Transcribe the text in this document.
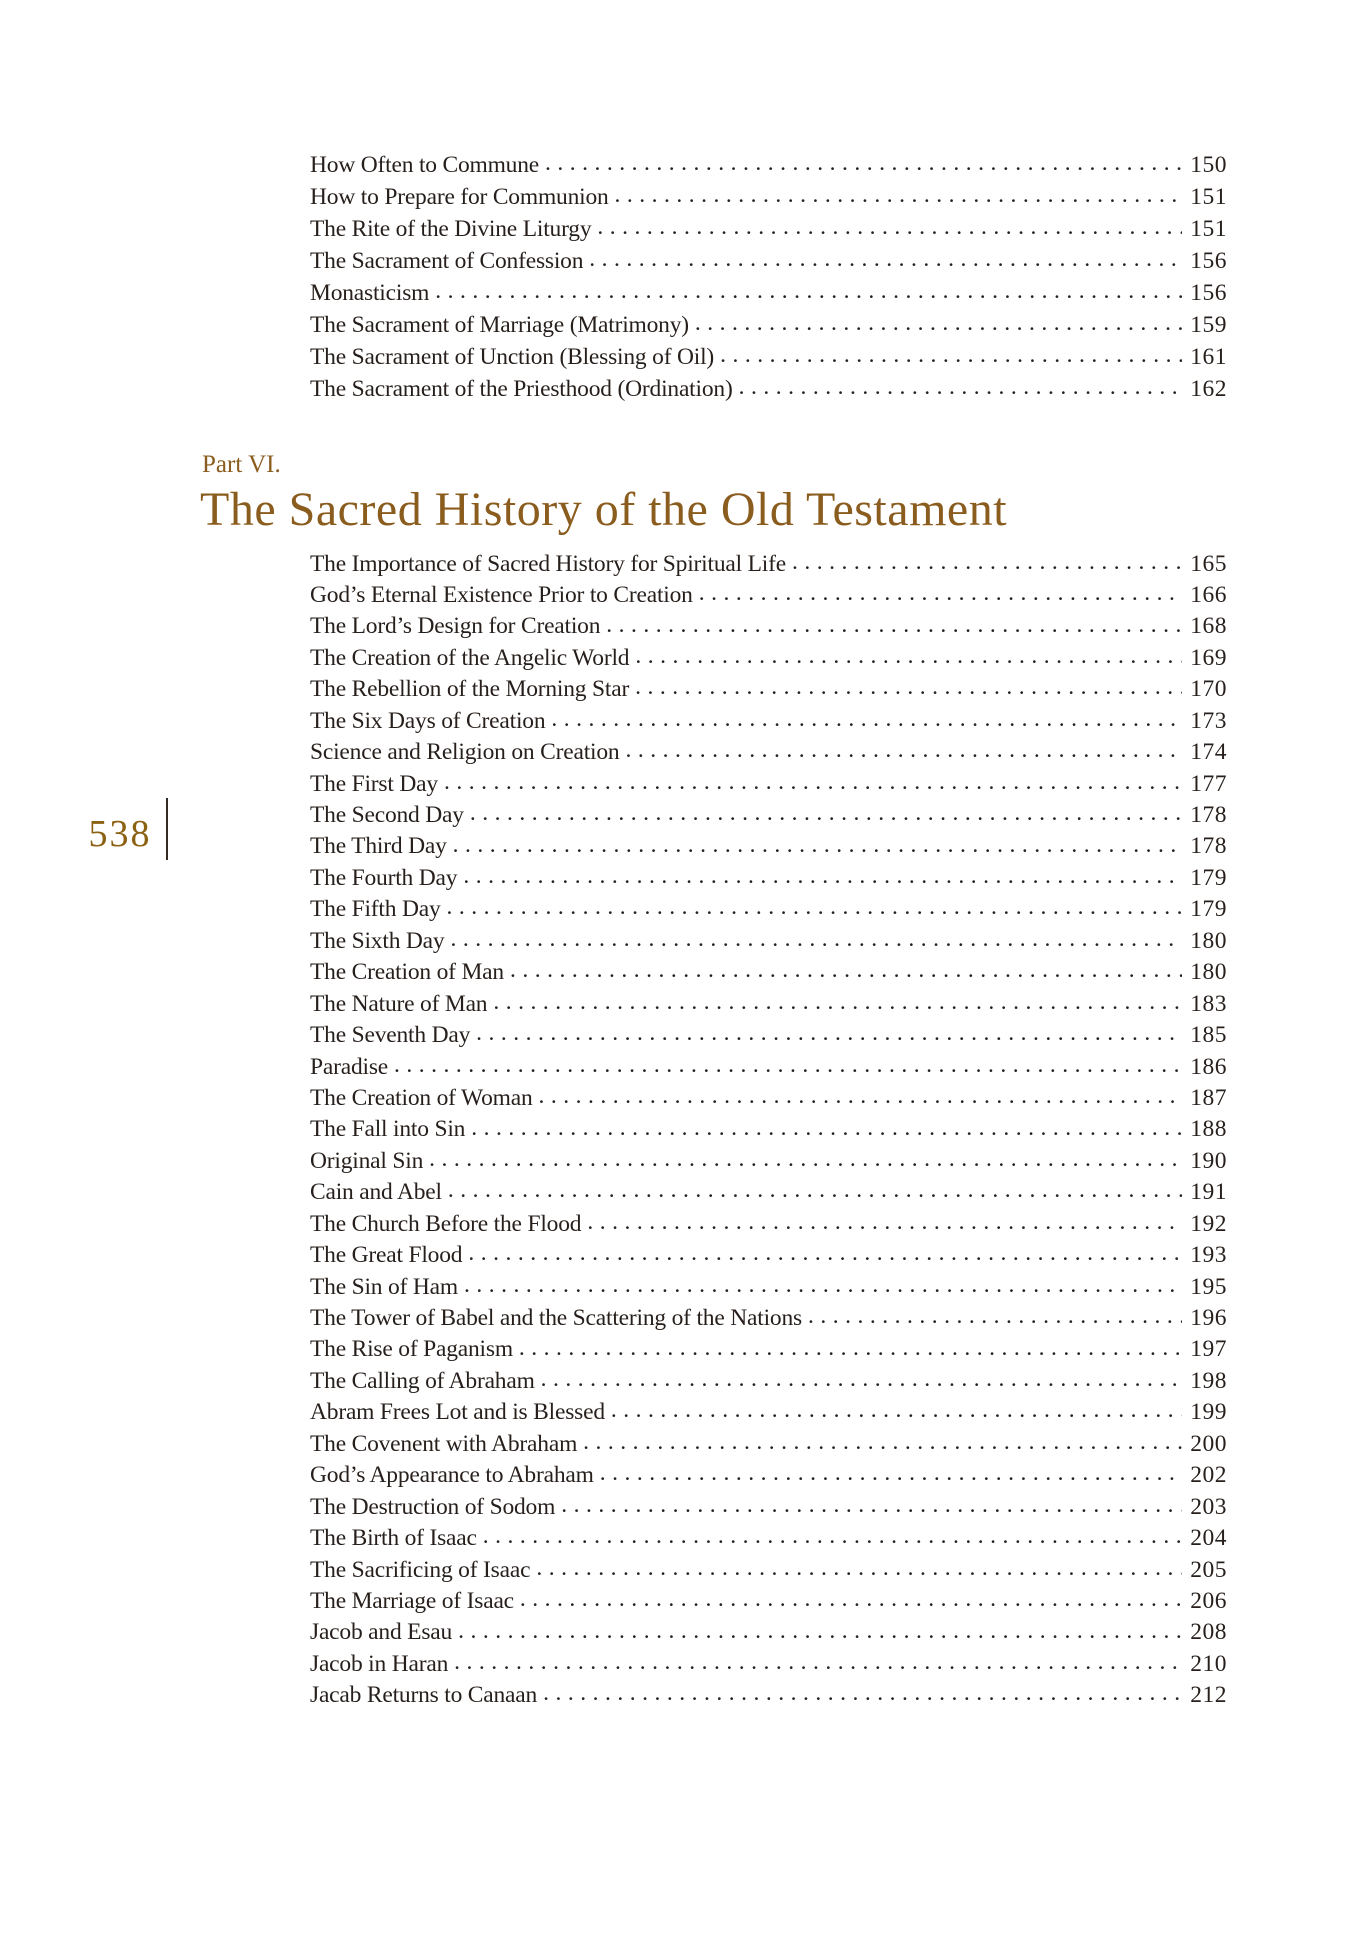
538
How Often to Commune .....	150
How to Prepare for Communion .....	151
The Rite of the Divine Liturgy .....	151
The Sacrament of Confession .....	156
Monasticism .....	156
The Sacrament of Marriage (Matrimony) .....	159
The Sacrament of Unction (Blessing of Oil) .....	161
The Sacrament of the Priesthood (Ordination) .....	162
Part VI.
The Sacred History of the Old Testament
The Importance of Sacred History for Spiritual Life .....	165
God’s Eternal Existence Prior to Creation .....	166
The Lord’s Design for Creation .....	168
The Creation of the Angelic World .....	169
The Rebellion of the Morning Star .....	170
The Six Days of Creation .....	173
Science and Religion on Creation .....	174
The First Day .....	177
The Second Day .....	178
The Third Day .....	178
The Fourth Day .....	179
The Fifth Day .....	179
The Sixth Day .....	180
The Creation of Man .....	180
The Nature of Man .....	183
The Seventh Day .....	185
Paradise .....	186
The Creation of Woman .....	187
The Fall into Sin .....	188
Original Sin .....	190
Cain and Abel .....	191
The Church Before the Flood .....	192
The Great Flood .....	193
The Sin of Ham .....	195
The Tower of Babel and the Scattering of the Nations .....	196
The Rise of Paganism .....	197
The Calling of Abraham .....	198
Abram Frees Lot and is Blessed .....	199
The Covenent with Abraham .....	200
God’s Appearance to Abraham .....	202
The Destruction of Sodom .....	203
The Birth of Isaac .....	204
The Sacrificing of Isaac .....	205
The Marriage of Isaac .....	206
Jacob and Esau .....	208
Jacob in Haran .....	210
Jacab Returns to Canaan .....	212
